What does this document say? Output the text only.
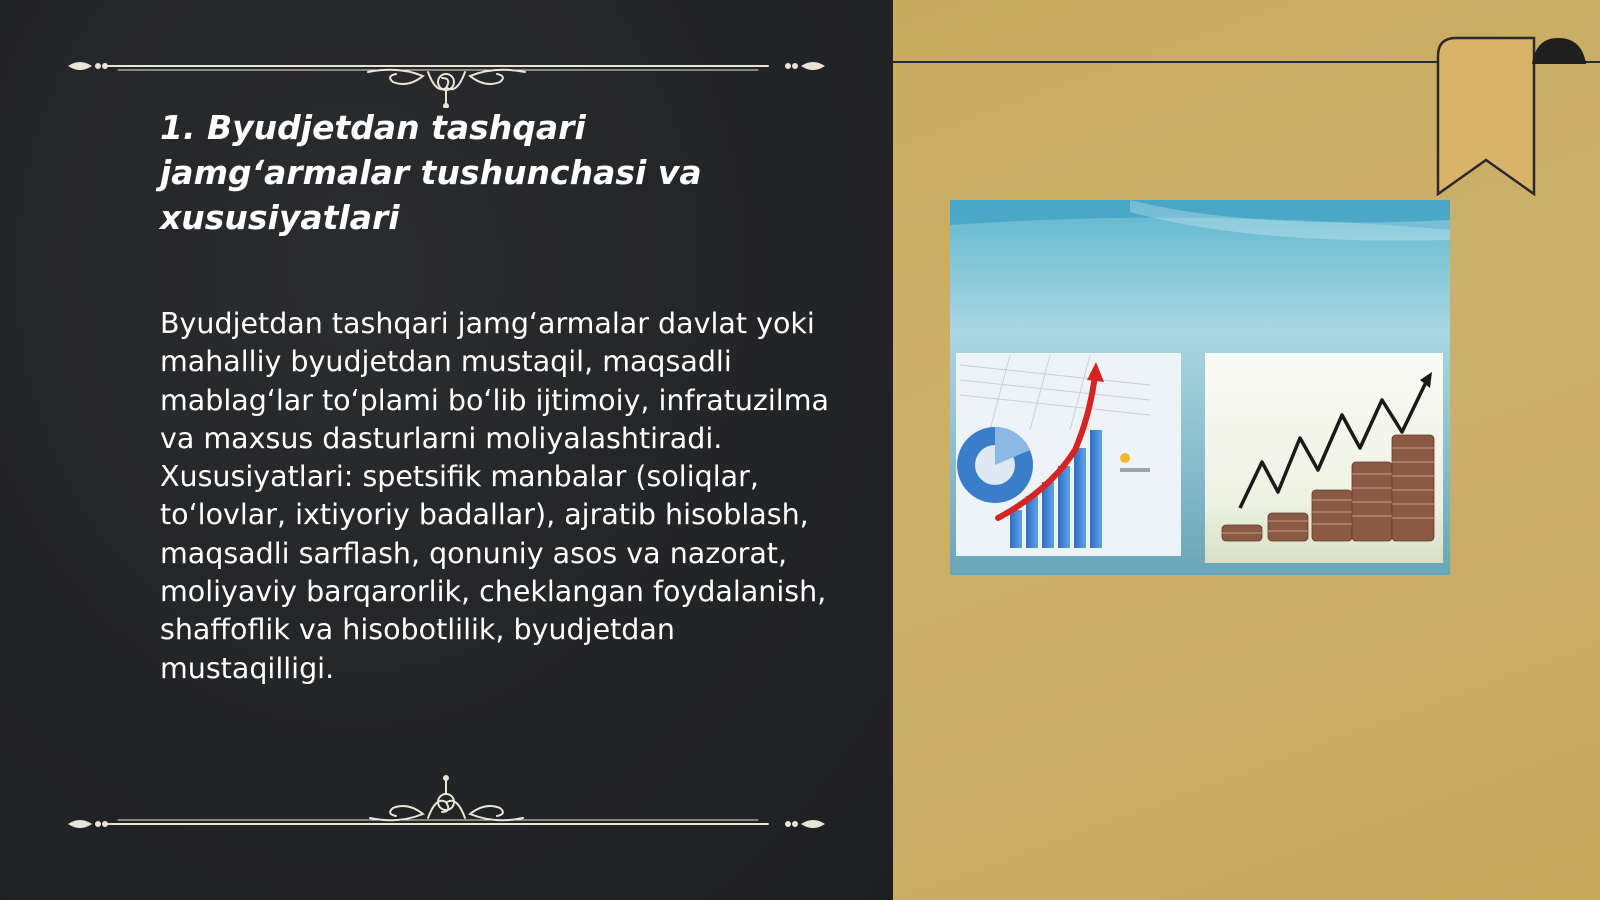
1. Byudjetdan tashqari jamg‘armalar tushunchasi va xususiyatlari

Byudjetdan tashqari jamg‘armalar davlat yoki mahalliy byudjetdan mustaqil, maqsadli mablag‘lar to‘plami bo‘lib ijtimoiy, infratuzilma va maxsus dasturlarni moliyalashtiradi. Xususiyatlari: spetsifik manbalar (soliqlar, to‘lovlar, ixtiyoriy badallar), ajratib hisoblash, maqsadli sarflash, qonuniy asos va nazorat, moliyaviy barqarorlik, cheklangan foydalanish, shaffoflik va hisobotlilik, byudjetdan mustaqilligi.
